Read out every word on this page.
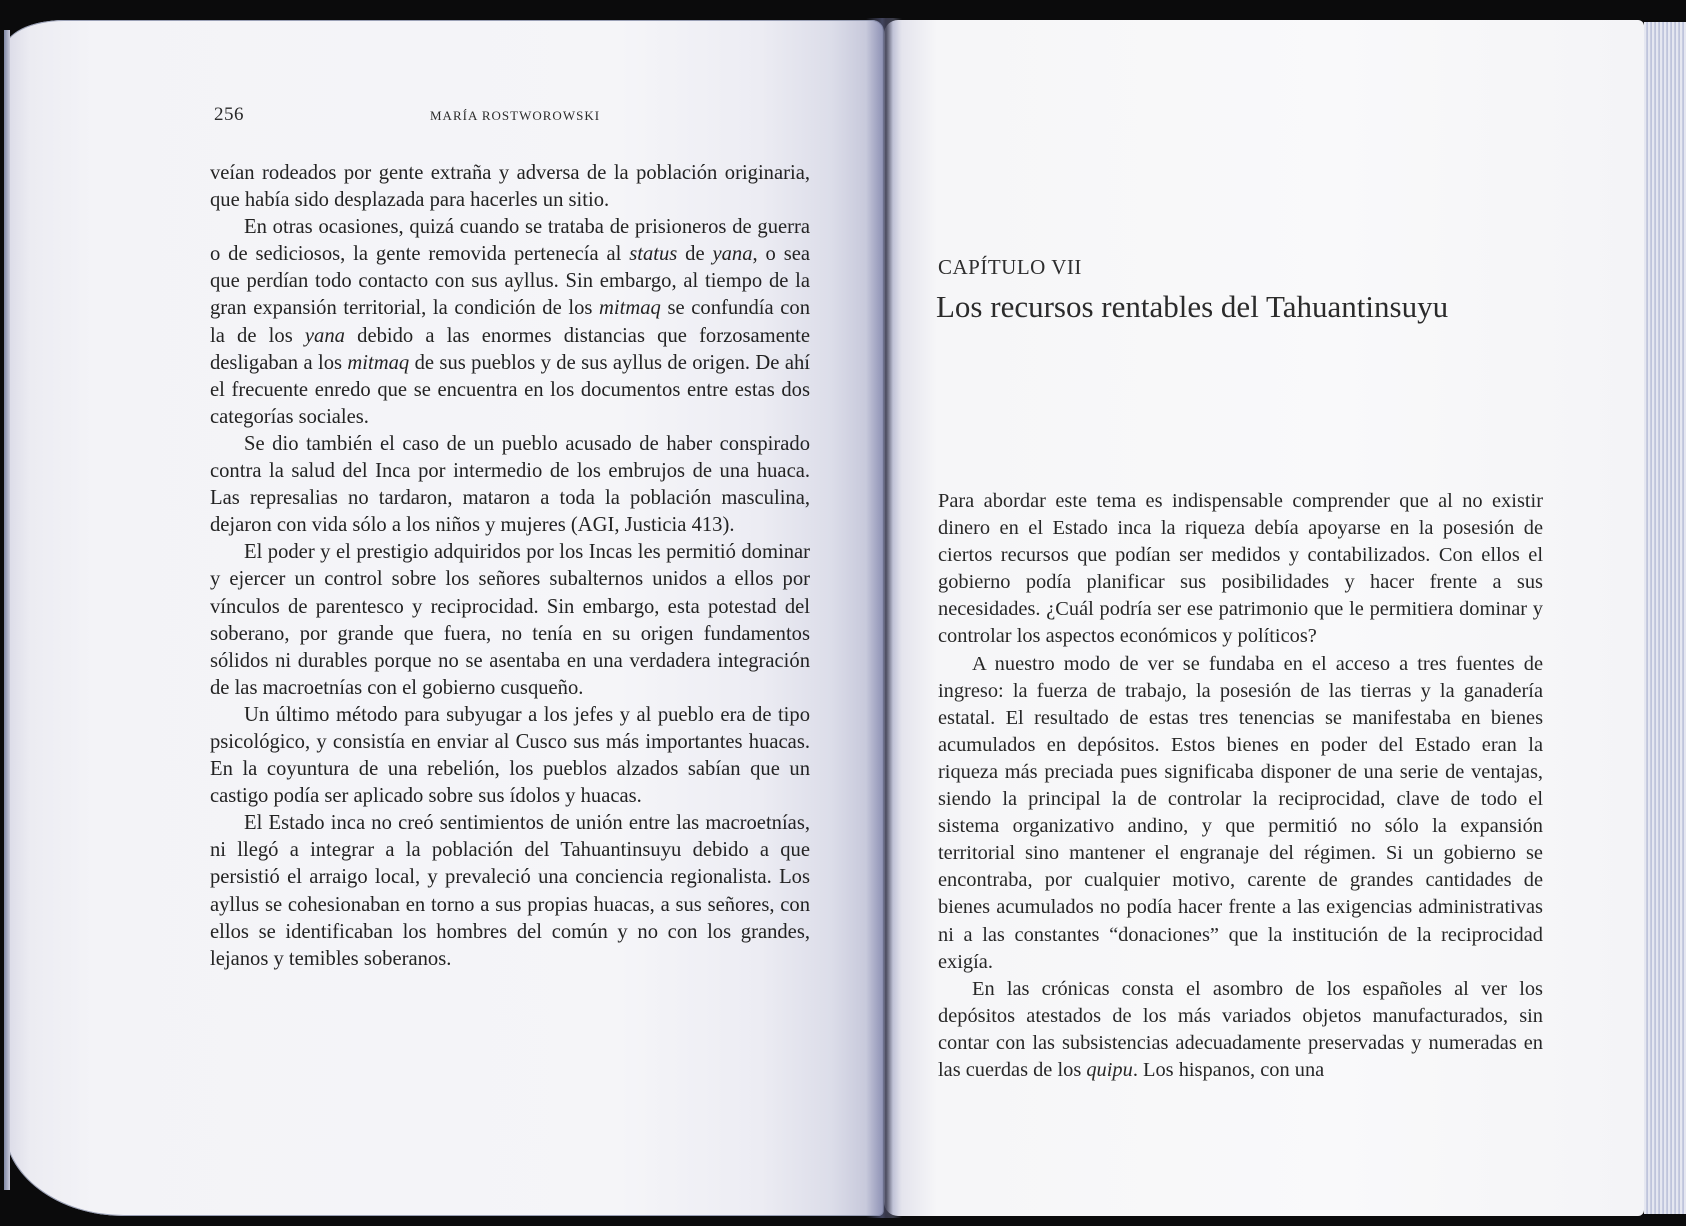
256	MARÍA ROSTWOROWSKI

veían rodeados por gente extraña y adversa de la población originaria, que había sido desplazada para hacerles un sitio.

En otras ocasiones, quizá cuando se trataba de prisioneros de guerra o de sediciosos, la gente removida pertenecía al status de yana, o sea que perdían todo contacto con sus ayllus. Sin embargo, al tiempo de la gran expansión territorial, la condición de los mitmaq se confundía con la de los yana debido a las enormes distancias que forzosamente desligaban a los mitmaq de sus pueblos y de sus ayllus de origen. De ahí el frecuente enredo que se encuentra en los documentos entre estas dos categorías sociales.

Se dio también el caso de un pueblo acusado de haber conspirado contra la salud del Inca por intermedio de los embrujos de una huaca. Las represalias no tardaron, mataron a toda la población masculina, dejaron con vida sólo a los niños y mujeres (AGI, Justicia 413).

El poder y el prestigio adquiridos por los Incas les permitió dominar y ejercer un control sobre los señores subalternos unidos a ellos por vínculos de parentesco y reciprocidad. Sin embargo, esta potestad del soberano, por grande que fuera, no tenía en su origen fundamentos sólidos ni durables porque no se asentaba en una verdadera integración de las macroetnías con el gobierno cusqueño.

Un último método para subyugar a los jefes y al pueblo era de tipo psicológico, y consistía en enviar al Cusco sus más importantes huacas. En la coyuntura de una rebelión, los pueblos alzados sabían que un castigo podía ser aplicado sobre sus ídolos y huacas.

El Estado inca no creó sentimientos de unión entre las macroetnías, ni llegó a integrar a la población del Tahuantinsuyu debido a que persistió el arraigo local, y prevaleció una conciencia regionalista. Los ayllus se cohesionaban en torno a sus propias huacas, a sus señores, con ellos se identificaban los hombres del común y no con los grandes, lejanos y temibles soberanos.

CAPÍTULO VII
Los recursos rentables del Tahuantinsuyu

Para abordar este tema es indispensable comprender que al no existir dinero en el Estado inca la riqueza debía apoyarse en la posesión de ciertos recursos que podían ser medidos y contabilizados. Con ellos el gobierno podía planificar sus posibilidades y hacer frente a sus necesidades. ¿Cuál podría ser ese patrimonio que le permitiera dominar y controlar los aspectos económicos y políticos?

A nuestro modo de ver se fundaba en el acceso a tres fuentes de ingreso: la fuerza de trabajo, la posesión de las tierras y la ganadería estatal. El resultado de estas tres tenencias se manifestaba en bienes acumulados en depósitos. Estos bienes en poder del Estado eran la riqueza más preciada pues significaba disponer de una serie de ventajas, siendo la principal la de controlar la reciprocidad, clave de todo el sistema organizativo andino, y que permitió no sólo la expansión territorial sino mantener el engranaje del régimen. Si un gobierno se encontraba, por cualquier motivo, carente de grandes cantidades de bienes acumulados no podía hacer frente a las exigencias administrativas ni a las constantes “donaciones” que la institución de la reciprocidad exigía.

En las crónicas consta el asombro de los españoles al ver los depósitos atestados de los más variados objetos manufacturados, sin contar con las subsistencias adecuadamente preservadas y numeradas en las cuerdas de los quipu. Los hispanos, con una
